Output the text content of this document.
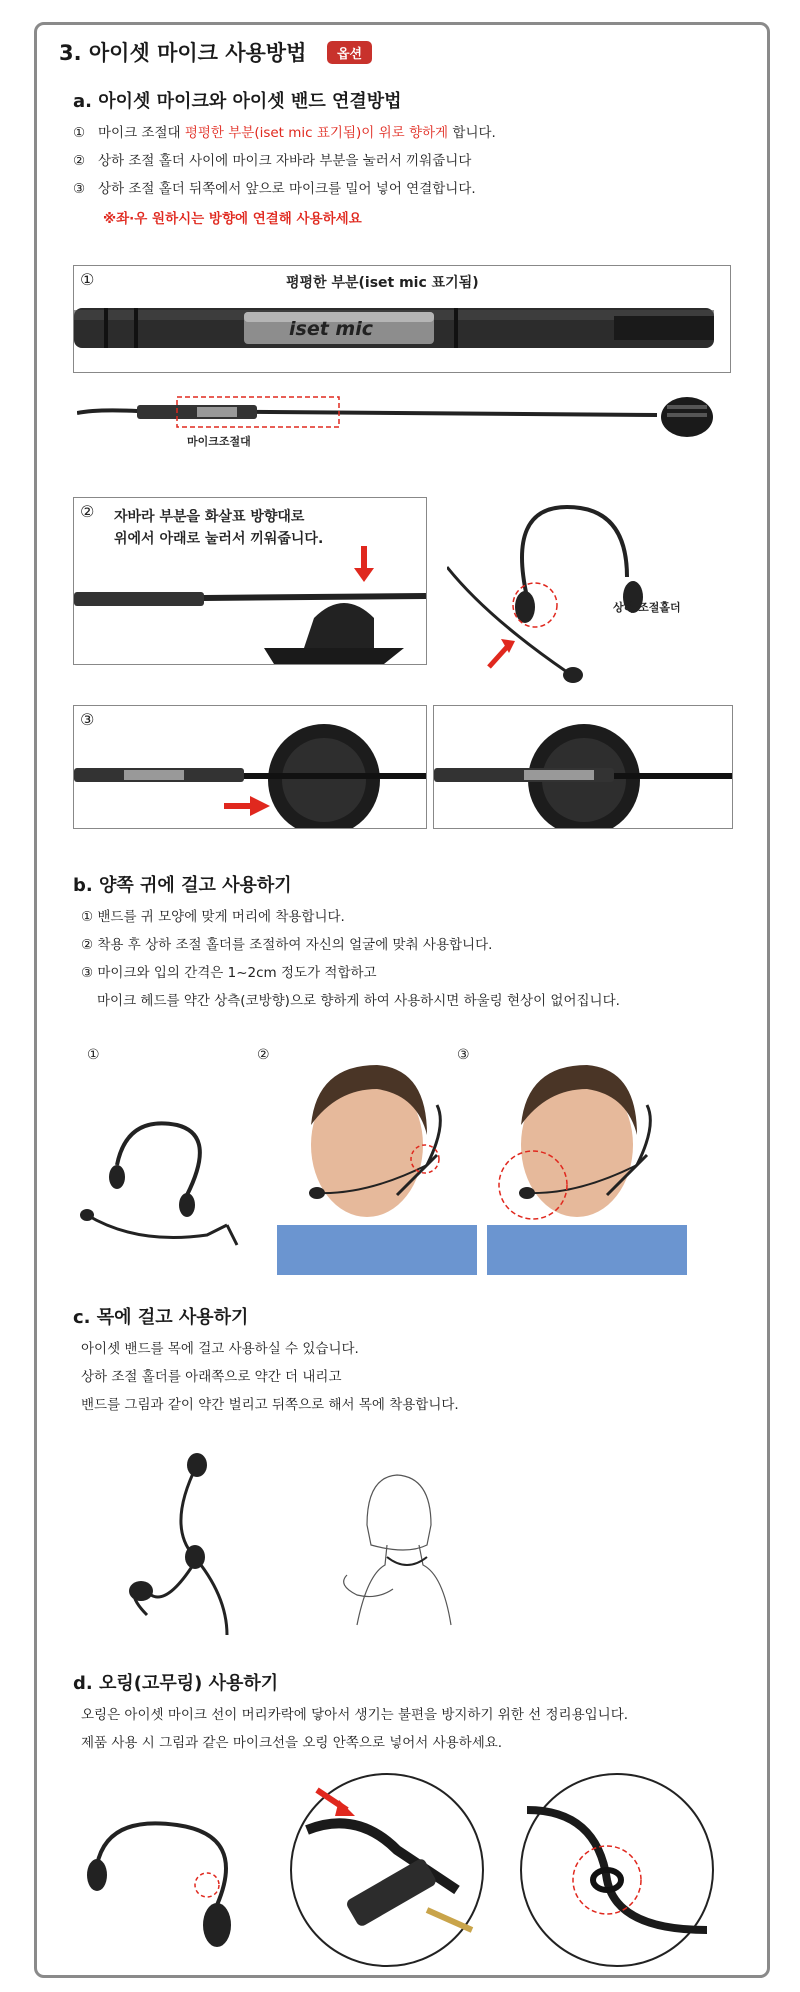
3. 아이셋 마이크 사용방법	옵션
a. 아이셋 마이크와 아이셋 밴드 연결방법
① 마이크 조절대 평평한 부분(iset mic 표기됨)이 위로 향하게 합니다.
② 상하 조절 홀더 사이에 마이크 자바라 부분을 눌러서 끼워줍니다
③ 상하 조절 홀더 뒤쪽에서 앞으로 마이크를 밀어 넣어 연결합니다.
※좌·우 원하시는 방향에 연결해 사용하세요
①	평평한 부분(iset mic 표기됨)
iset mic
마이크조절대
② 자바라 부분을 화살표 방향대로
위에서 아래로 눌러서 끼워줍니다.
상하 조절홀더
③
b. 양쪽 귀에 걸고 사용하기
① 밴드를 귀 모양에 맞게 머리에 착용합니다.
② 착용 후 상하 조절 홀더를 조절하여 자신의 얼굴에 맞춰 사용합니다.
③ 마이크와 입의 간격은 1~2cm 정도가 적합하고
마이크 헤드를 약간 상측(코방향)으로 향하게 하여 사용하시면 하울링 현상이 없어집니다.
①	②	③
c. 목에 걸고 사용하기
아이셋 밴드를 목에 걸고 사용하실 수 있습니다.
상하 조절 홀더를 아래쪽으로 약간 더 내리고
밴드를 그림과 같이 약간 벌리고 뒤쪽으로 해서 목에 착용합니다.
d. 오링(고무링) 사용하기
오링은 아이셋 마이크 선이 머리카락에 닿아서 생기는 불편을 방지하기 위한 선 정리용입니다.
제품 사용 시 그림과 같은 마이크선을 오링 안쪽으로 넣어서 사용하세요.
